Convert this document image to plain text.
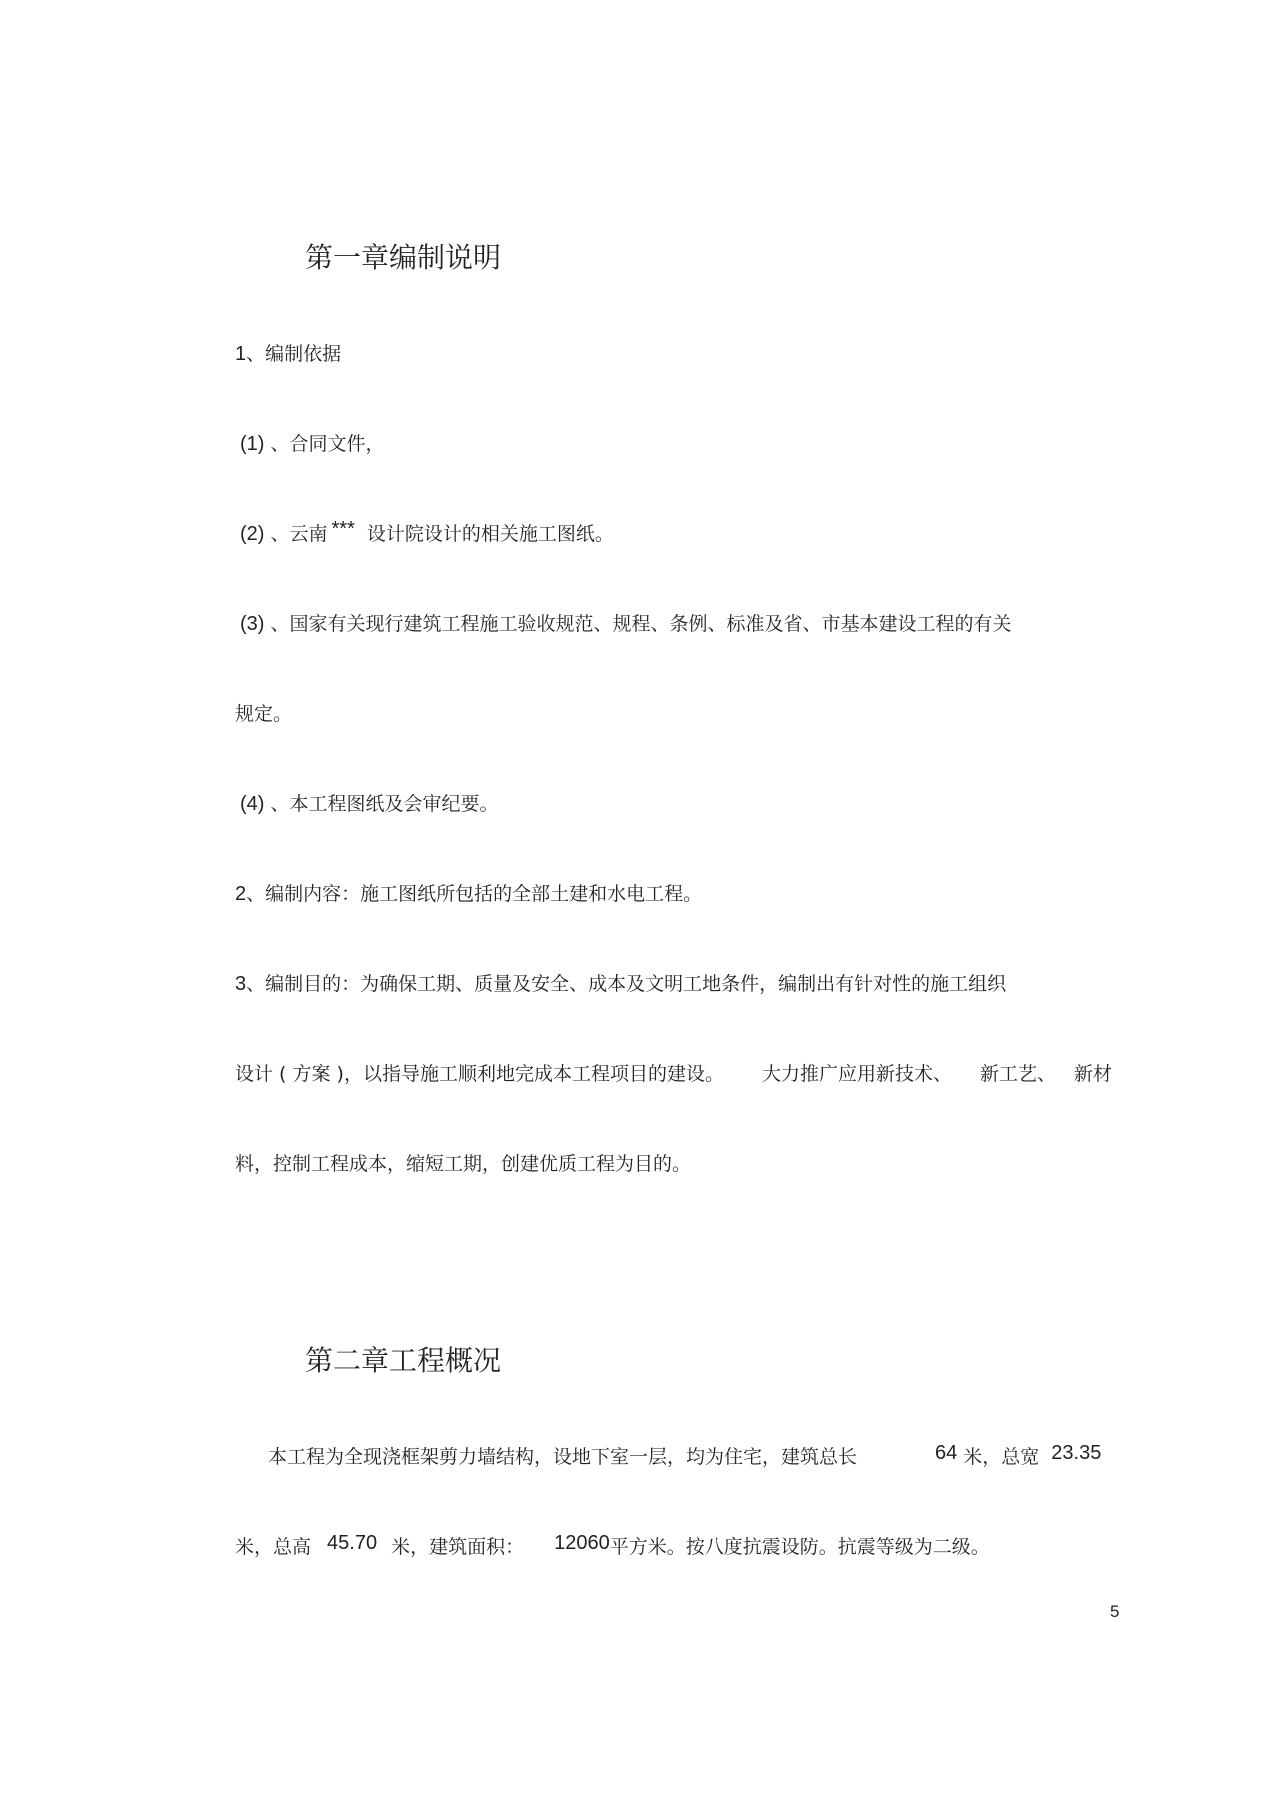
第一章编制说明

1、编制依据

(1) 、合同文件，

(2) 、云南 *** 设计院设计的相关施工图纸。

(3) 、国家有关现行建筑工程施工验收规范、规程、条例、标准及省、市基本建设工程的有关

规定。

(4) 、本工程图纸及会审纪要。

2、编制内容：施工图纸所包括的全部土建和水电工程。

3、编制目的：为确保工期、质量及安全、成本及文明工地条件，编制出有针对性的施工组织

设计 ( 方案 )，以指导施工顺利地完成本工程项目的建设。 大力推广应用新技术、 新工艺、 新材

料，控制工程成本，缩短工期，创建优质工程为目的。

第二章工程概况

本工程为全现浇框架剪力墙结构，设地下室一层，均为住宅，建筑总长	64 米，总宽 23.35

米，总高 45.70 米，建筑面积： 12060平方米。按八度抗震设防。抗震等级为二级。

5
